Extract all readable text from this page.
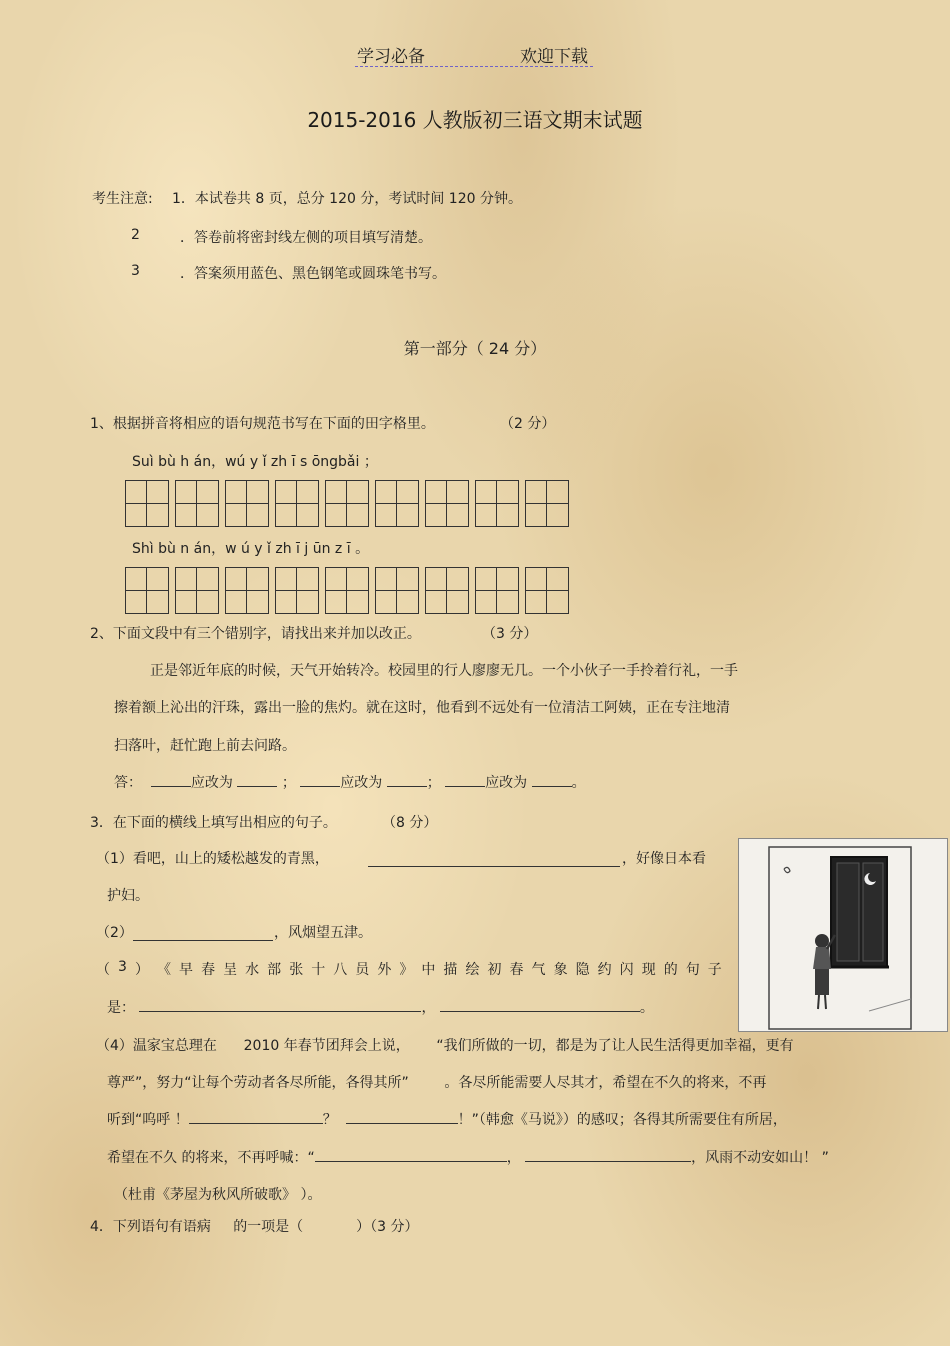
学习必备	欢迎下载
2015-2016 人教版初三语文期末试题
考生注意: 1．本试卷共 8 页，总分 120 分，考试时间 120 分钟。
2	．答卷前将密封线左侧的项目填写清楚。
3	．答案须用蓝色、黑色钢笔或圆珠笔书写。
第一部分（ 24 分）
1、根据拼音将相应的语句规范书写在下面的田字格里。	（2 分）
Suì bù h án，wú y ǐ zh ī s ōngbǎi ；
Shì bù n án，w ú y ǐ zh ī j ūn z ī 。
2、下面文段中有三个错别字，请找出来并加以改正。	（3 分）
正是邻近年底的时候，天气开始转冷。校园里的行人廖廖无几。一个小伙子一手拎着行礼，一手
擦着额上沁出的汗珠，露出一脸的焦灼。就在这时，他看到不远处有一位清洁工阿姨，正在专注地清
扫落叶，赶忙跑上前去问路。
答：	应改为	；	应改为	；	应改为	。
3．在下面的横线上填写出相应的句子。	（8 分）
（1）看吧，山上的矮松越发的青黑，	，好像日本看
护妇。
（2）	，风烟望五津。
（ 3 ） 《 早 春 呈 水 部 张 十 八 员 外 》 中 描 绘 初 春 气 象 隐 约 闪 现 的 句 子
是：	，	。
（4）温家宝总理在 2010 年春节团拜会上说， “我们所做的一切，都是为了让人民生活得更加幸福，更有
尊严”，努力“让每个劳动者各尽所能，各得其所”	。各尽所能需要人尽其才，希望在不久的将来，不再
听到“呜呼 ！	？	！”（韩愈《马说》）的感叹；各得其所需要住有所居，
希望在不久 的将来，不再呼喊：“	，	，风雨不动安如山！ ”
（杜甫《茅屋为秋风所破歌》 ）。
4．下列语句有语病 的一项是（	）（3 分）
